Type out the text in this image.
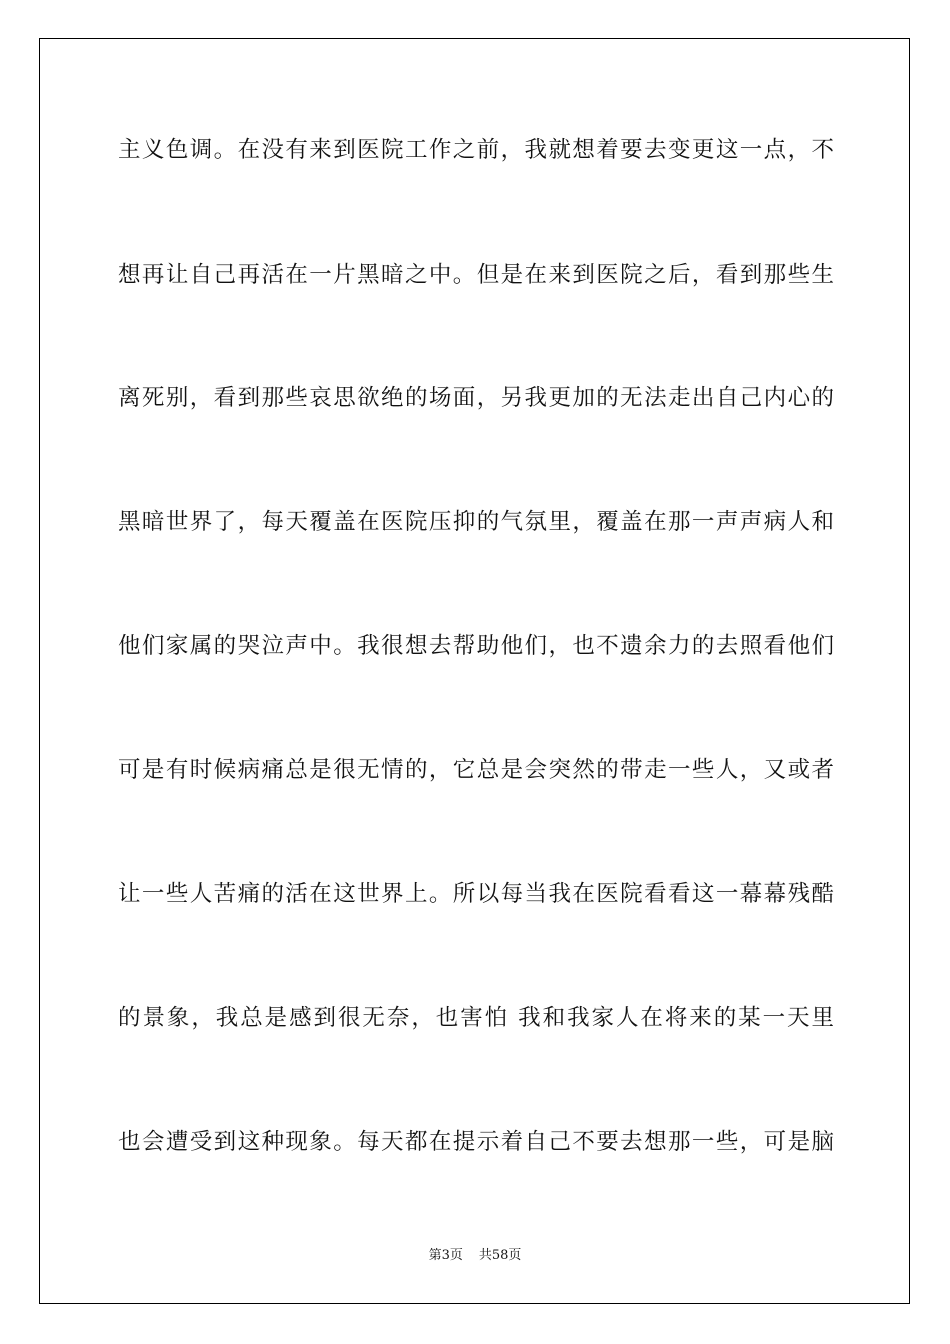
主义色调。在没有来到医院工作之前，我就想着要去变更这一点，不
想再让自己再活在一片黑暗之中。但是在来到医院之后，看到那些生
离死别，看到那些哀思欲绝的场面，另我更加的无法走出自己内心的
黑暗世界了，每天覆盖在医院压抑的气氛里，覆盖在那一声声病人和
他们家属的哭泣声中。我很想去帮助他们，也不遗余力的去照看他们
可是有时候病痛总是很无情的，它总是会突然的带走一些人，又或者
让一些人苦痛的活在这世界上。所以每当我在医院看看这一幕幕残酷
的景象，我总是感到很无奈，也害怕 我和我家人在将来的某一天里
也会遭受到这种现象。每天都在提示着自己不要去想那一些，可是脑
第3页 共58页
